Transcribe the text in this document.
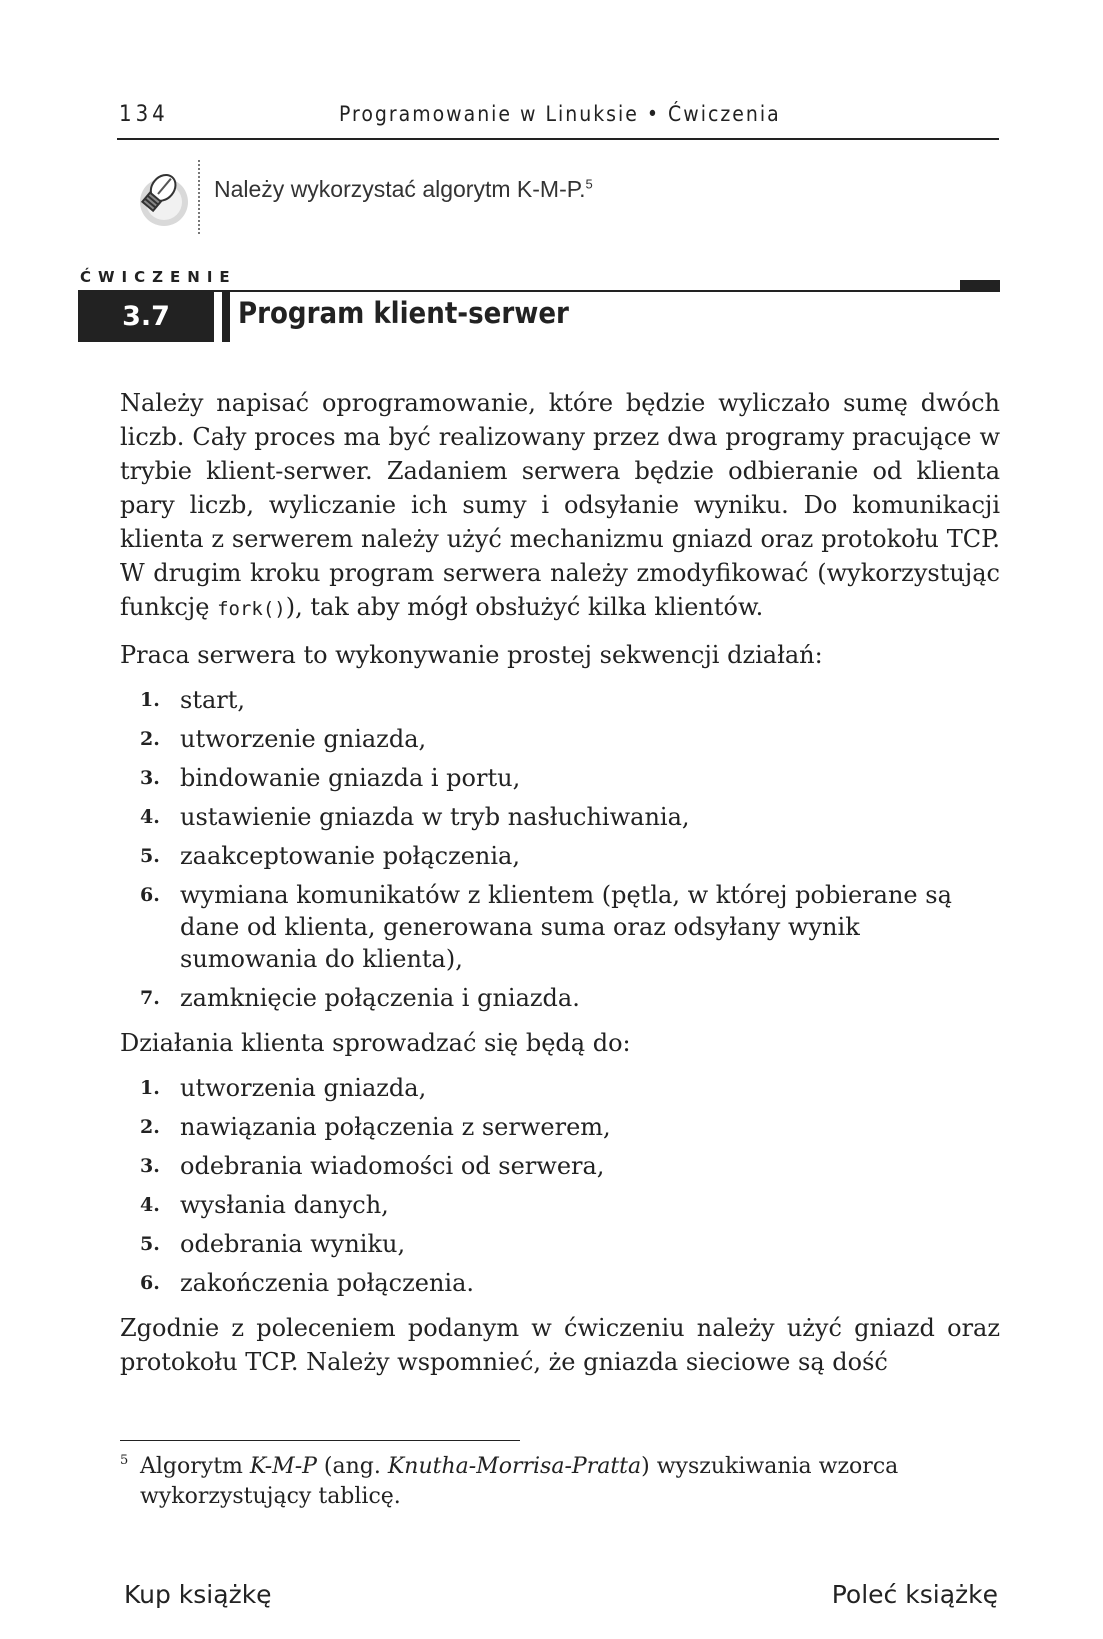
134	Programowanie w Linuksie • Ćwiczenia
Należy wykorzystać algorytm K-M-P.$^5$
ĆWICZENIE
3.7	Program klient-serwer

Należy napisać oprogramowanie, które będzie wyliczało sumę dwóch liczb. Cały proces ma być realizowany przez dwa programy pracujące w trybie klient-serwer. Zadaniem serwera będzie odbieranie od klienta pary liczb, wyliczanie ich sumy i odsyłanie wyniku. Do komunikacji klienta z serwerem należy użyć mechanizmu gniazd oraz protokołu TCP. W drugim kroku program serwera należy zmodyfikować (wykorzystując funkcję fork()), tak aby mógł obsłużyć kilka klientów.

Praca serwera to wykonywanie prostej sekwencji działań:

1. start,
2. utworzenie gniazda,
3. bindowanie gniazda i portu,
4. ustawienie gniazda w tryb nasłuchiwania,
5. zaakceptowanie połączenia,
6. wymiana komunikatów z klientem (pętla, w której pobierane są dane od klienta, generowana suma oraz odsyłany wynik sumowania do klienta),
7. zamknięcie połączenia i gniazda.

Działania klienta sprowadzać się będą do:

1. utworzenia gniazda,
2. nawiązania połączenia z serwerem,
3. odebrania wiadomości od serwera,
4. wysłania danych,
5. odebrania wyniku,
6. zakończenia połączenia.

Zgodnie z poleceniem podanym w ćwiczeniu należy użyć gniazd oraz protokołu TCP. Należy wspomnieć, że gniazda sieciowe są dość

5 Algorytm K-M-P (ang. Knutha-Morrisa-Pratta) wyszukiwania wzorca wykorzystujący tablicę.
Kup książkę	Poleć książkę
